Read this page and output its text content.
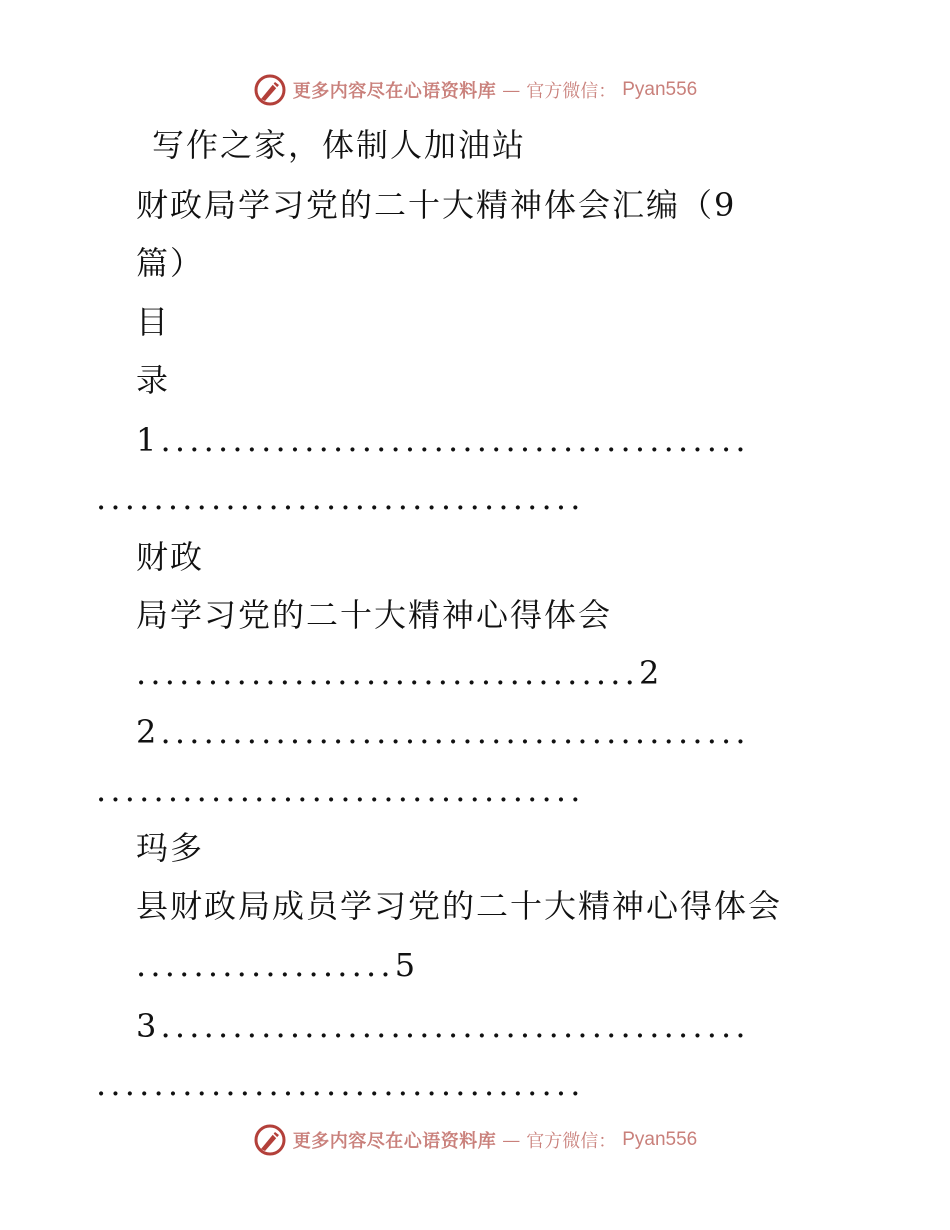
更多内容尽在心语资料库 — 官方微信： Pyan556
写作之家，体制人加油站
财政局学习党的二十大精神体会汇编（9
篇）
目
录
1.........................................
..................................
财政
局学习党的二十大精神心得体会
...................................2
2.........................................
..................................
玛多
县财政局成员学习党的二十大精神心得体会
..................5
3.........................................
..................................
更多内容尽在心语资料库 — 官方微信： Pyan556
